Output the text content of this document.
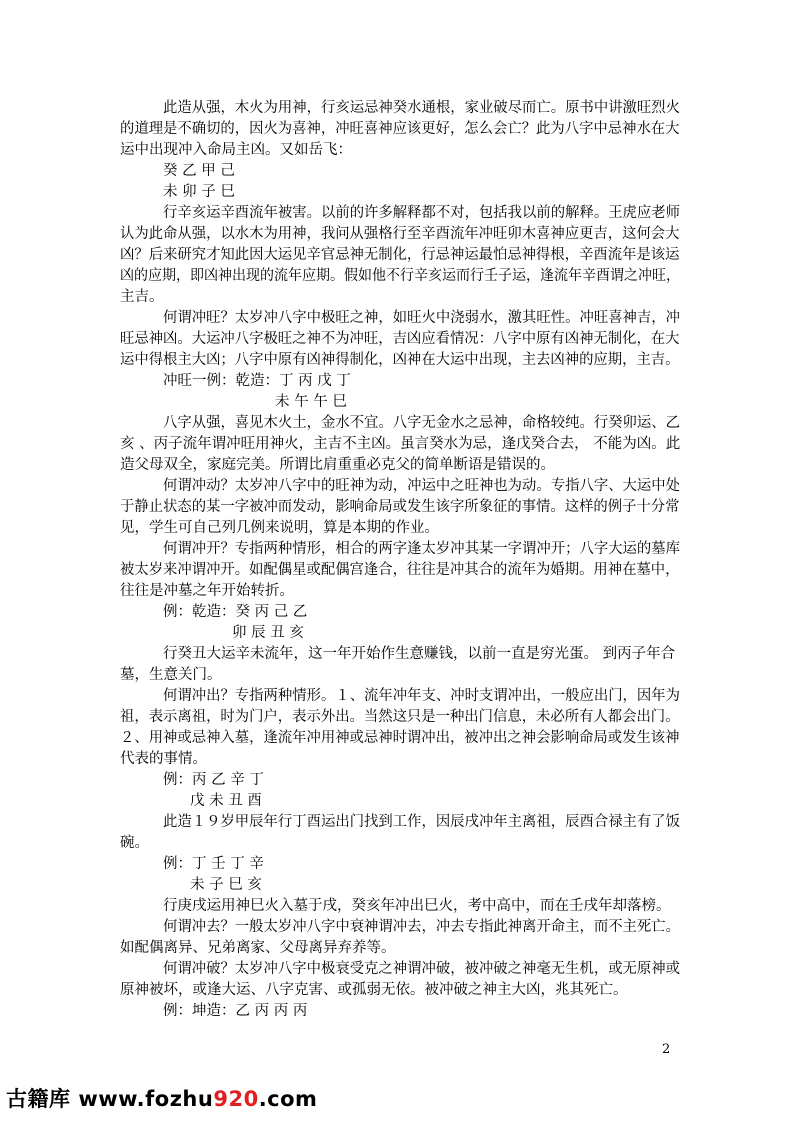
此造从强，木火为用神，行亥运忌神癸水通根，家业破尽而亡。原书中讲激旺烈火
的道理是不确切的，因火为喜神，冲旺喜神应该更好，怎么会亡？此为八字中忌神水在大
运中出现冲入命局主凶。又如岳飞：
癸 乙 甲 己
未 卯 子 巳
行辛亥运辛酉流年被害。以前的许多解释都不对，包括我以前的解释。王虎应老师
认为此命从强，以水木为用神，我问从强格行至辛酉流年冲旺卯木喜神应更吉，这何会大
凶？后来研究才知此因大运见辛官忌神无制化，行忌神运最怕忌神得根，辛酉流年是该运
凶的应期，即凶神出现的流年应期。假如他不行辛亥运而行壬子运，逢流年辛酉谓之冲旺，
主吉。
何谓冲旺？太岁冲八字中极旺之神，如旺火中浇弱水，激其旺性。冲旺喜神吉，冲
旺忌神凶。大运冲八字极旺之神不为冲旺，吉凶应看情况：八字中原有凶神无制化，在大
运中得根主大凶；八字中原有凶神得制化，凶神在大运中出现，主去凶神的应期，主吉。
冲旺一例：乾造：丁 丙 戊 丁
未 午 午 巳
八字从强，喜见木火土，金水不宜。八字无金水之忌神，命格较纯。行癸卯运、乙
亥 、丙子流年谓冲旺用神火，主吉不主凶。虽言癸水为忌，逢戊癸合去， 不能为凶。此
造父母双全，家庭完美。所谓比肩重重必克父的简单断语是错误的。
何谓冲动？太岁冲八字中的旺神为动，冲运中之旺神也为动。专指八字、大运中处
于静止状态的某一字被冲而发动，影响命局或发生该字所象征的事情。这样的例子十分常
见，学生可自己列几例来说明，算是本期的作业。
何谓冲开？专指两种情形，相合的两字逢太岁冲其某一字谓冲开；八字大运的墓库
被太岁来冲谓冲开。如配偶星或配偶宫逢合，往往是冲其合的流年为婚期。用神在墓中，
往往是冲墓之年开始转折。
例：乾造：癸 丙 己 乙
卯 辰 丑 亥
行癸丑大运辛未流年，这一年开始作生意赚钱，以前一直是穷光蛋。 到丙子年合
墓，生意关门。
何谓冲出？专指两种情形。１、流年冲年支、冲时支谓冲出，一般应出门，因年为
祖，表示离祖，时为门户，表示外出。当然这只是一种出门信息，未必所有人都会出门。
２、用神或忌神入墓，逢流年冲用神或忌神时谓冲出，被冲出之神会影响命局或发生该神
代表的事情。
例：丙 乙 辛 丁
戊 未 丑 酉
此造１９岁甲辰年行丁酉运出门找到工作，因辰戌冲年主离祖，辰酉合禄主有了饭
碗。
例：丁 壬 丁 辛
未 子 巳 亥
行庚戌运用神巳火入墓于戌，癸亥年冲出巳火，考中高中，而在壬戌年却落榜。
何谓冲去？一般太岁冲八字中衰神谓冲去，冲去专指此神离开命主，而不主死亡。
如配偶离异、兄弟离家、父母离异弃养等。
何谓冲破？太岁冲八字中极衰受克之神谓冲破，被冲破之神毫无生机，或无原神或
原神被坏，或逢大运、八字克害、或孤弱无依。被冲破之神主大凶，兆其死亡。
例：坤造：乙 丙 丙 丙
2
古籍库 www.fozhu920.com
